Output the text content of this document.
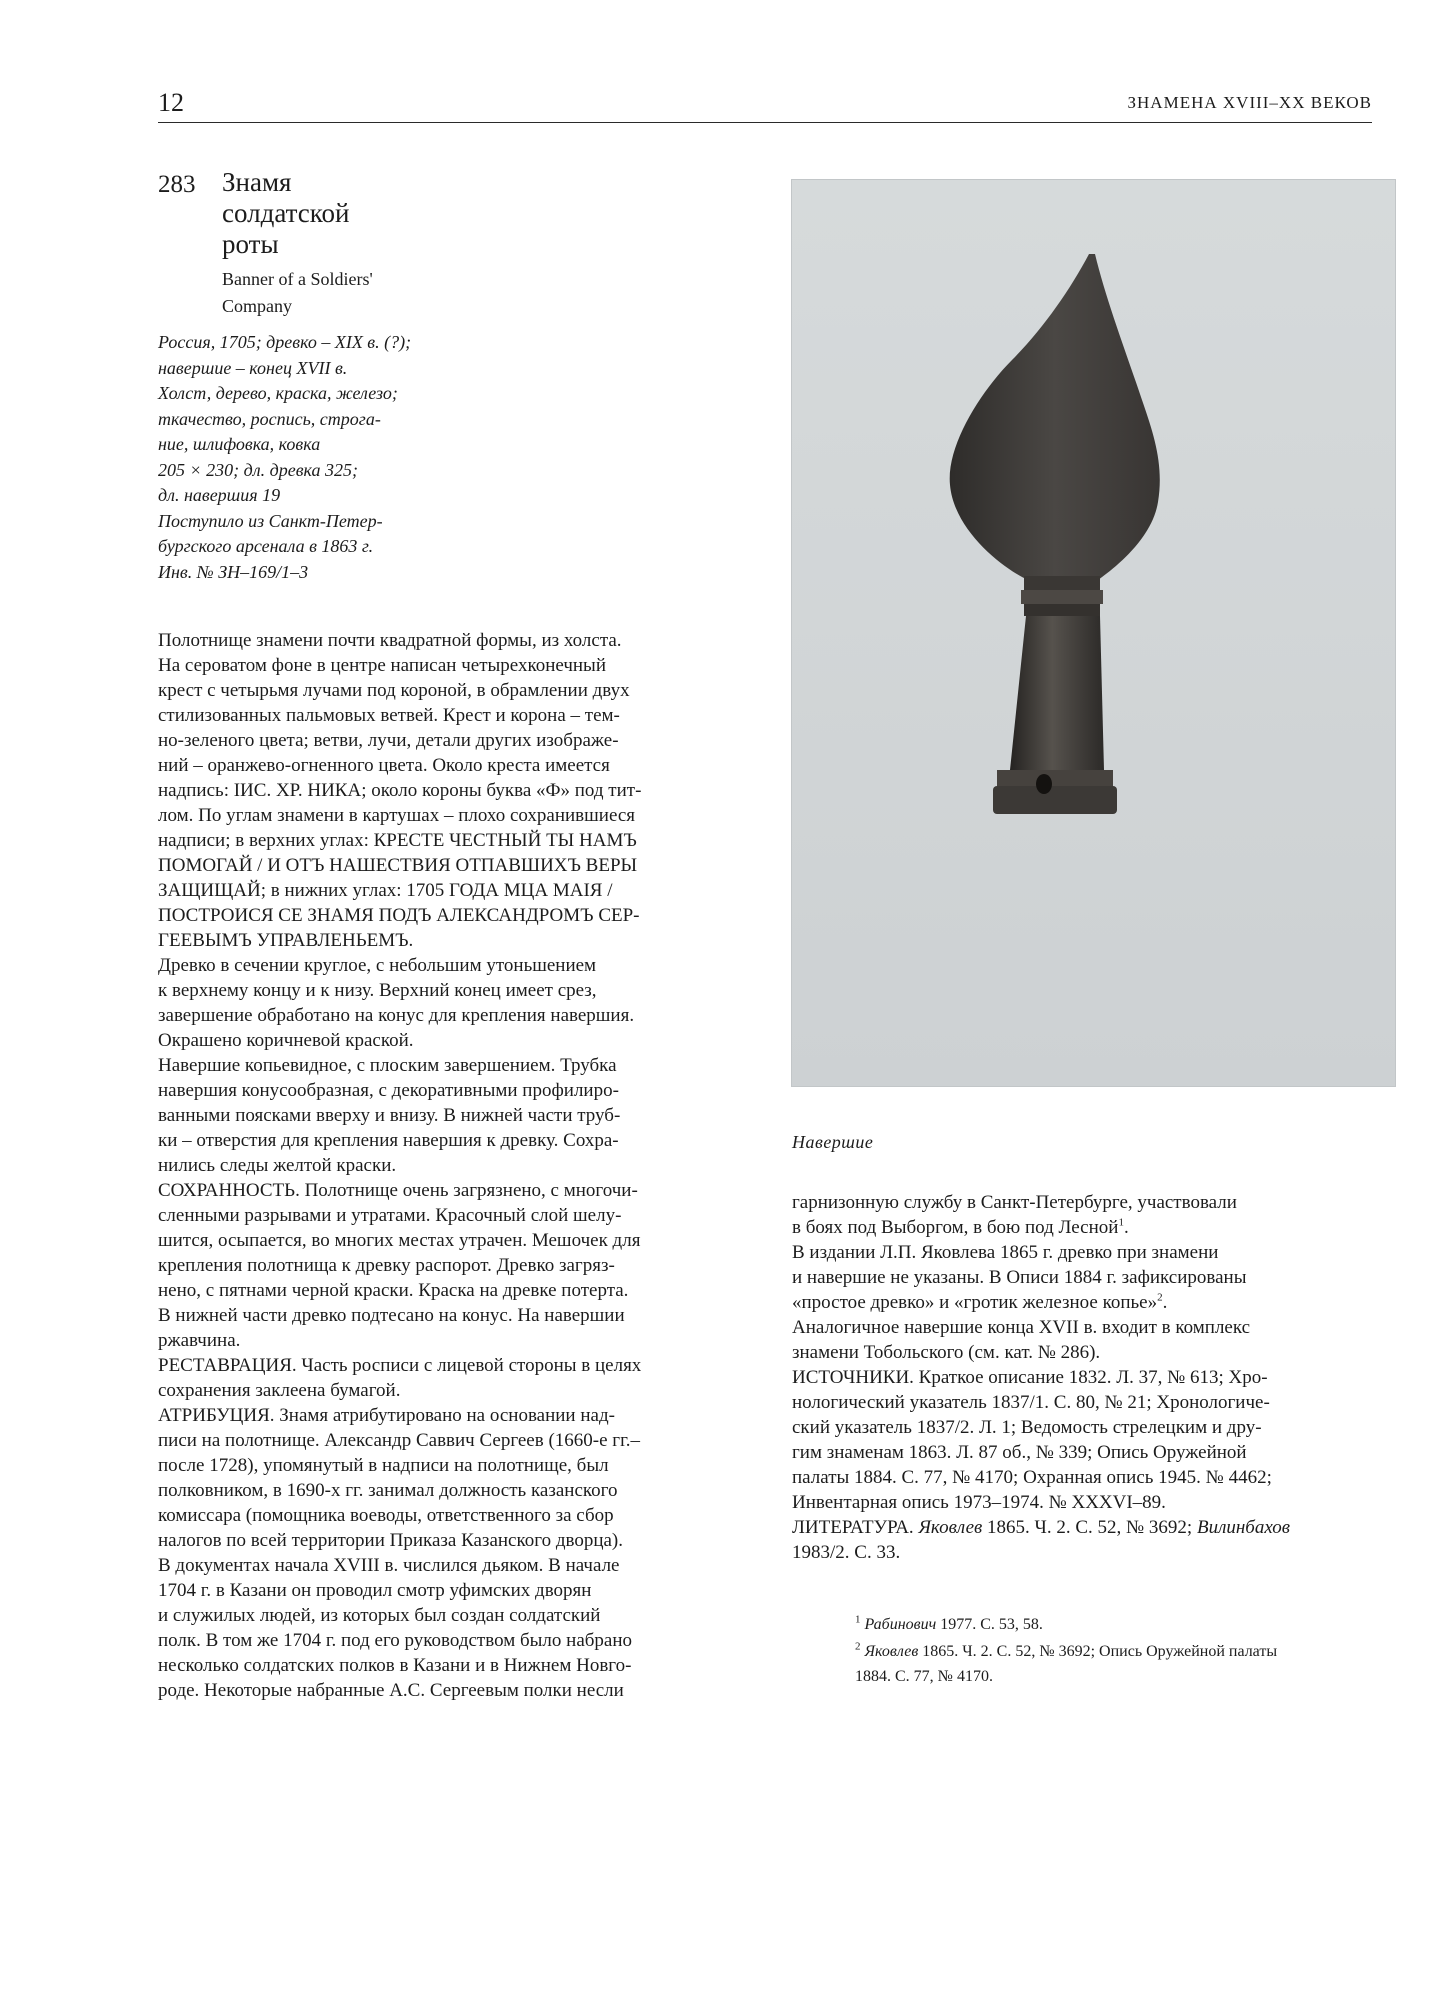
12	ЗНАМЕНА XVIII–XX ВЕКОВ
283 Знамя
солдатской
роты
Banner of a Soldiers'
Company
Россия, 1705; древко – XIX в. (?);
навершие – конец XVII в.
Холст, дерево, краска, железо;
ткачество, роспись, строга-
ние, шлифовка, ковка
205 × 230; дл. древка 325;
дл. навершия 19
Поступило из Санкт-Петер-
бургского арсенала в 1863 г.
Инв. № ЗН–169/1–3

Полотнище знамени почти квадратной формы, из холста.
На сероватом фоне в центре написан четырехконечный
крест с четырьмя лучами под короной, в обрамлении двух
стилизованных пальмовых ветвей. Крест и корона – тем-
но-зеленого цвета; ветви, лучи, детали других изображе-
ний – оранжево-огненного цвета. Около креста имеется
надпись: ІИС. ХР. НИКА; около короны буква «Ф» под тит-
лом. По углам знамени в картушах – плохо сохранившиеся
надписи; в верхних углах: КРЕСТЕ ЧЕСТНЫЙ ТЫ НАМЪ
ПОМОГАЙ / И ОТЪ НАШЕСТВИЯ ОТПАВШИХЪ ВЕРЫ
ЗАЩИЩАЙ; в нижних углах: 1705 ГОДА МЦА МАІЯ /
ПОСТРОИСЯ СЕ ЗНАМЯ ПОДЪ АЛЕКСАНДРОМЪ СЕР-
ГЕЕВЫМЪ УПРАВЛЕНЬЕМЪ.

Древко в сечении круглое, с небольшим утоньшением
к верхнему концу и к низу. Верхний конец имеет срез,
завершение обработано на конус для крепления навершия.
Окрашено коричневой краской.

Навершие копьевидное, с плоским завершением. Трубка
навершия конусообразная, с декоративными профилиро-
ванными поясками вверху и внизу. В нижней части труб-
ки – отверстия для крепления навершия к древку. Сохра-
нились следы желтой краски.

СОХРАННОСТЬ. Полотнище очень загрязнено, с многочи-
сленными разрывами и утратами. Красочный слой шелу-
шится, осыпается, во многих местах утрачен. Мешочек для
крепления полотнища к древку распорот. Древко загряз-
нено, с пятнами черной краски. Краска на древке потерта.
В нижней части древко подтесано на конус. На навершии
ржавчина.

РЕСТАВРАЦИЯ. Часть росписи с лицевой стороны в целях
сохранения заклеена бумагой.

АТРИБУЦИЯ. Знамя атрибутировано на основании над-
писи на полотнище. Александр Саввич Сергеев (1660-е гг.–
после 1728), упомянутый в надписи на полотнище, был
полковником, в 1690-х гг. занимал должность казанского
комиссара (помощника воеводы, ответственного за сбор
налогов по всей территории Приказа Казанского дворца).
В документах начала XVIII в. числился дьяком. В начале
1704 г. в Казани он проводил смотр уфимских дворян
и служилых людей, из которых был создан солдатский
полк. В том же 1704 г. под его руководством было набрано
несколько солдатских полков в Казани и в Нижнем Новго-
роде. Некоторые набранные А.С. Сергеевым полки несли

Навершие

гарнизонную службу в Санкт-Петербурге, участвовали
в боях под Выборгом, в бою под Лесной$^1$.

В издании Л.П. Яковлева 1865 г. древко при знамени
и навершие не указаны. В Описи 1884 г. зафиксированы
«простое древко» и «гротик железное копье»$^2$.

Аналогичное навершие конца XVII в. входит в комплекс
знамени Тобольского (см. кат. № 286).

ИСТОЧНИКИ. Краткое описание 1832. Л. 37, № 613; Хро-
нологический указатель 1837/1. С. 80, № 21; Хронологиче-
ский указатель 1837/2. Л. 1; Ведомость стрелецким и дру-
гим знаменам 1863. Л. 87 об., № 339; Опись Оружейной
палаты 1884. С. 77, № 4170; Охранная опись 1945. № 4462;
Инвентарная опись 1973–1974. № XXXVI–89.

ЛИТЕРАТУРА. Яковлев 1865. Ч. 2. С. 52, № 3692; Вилинбахов
1983/2. С. 33.

$^1$ Рабинович 1977. С. 53, 58.

$^2$ Яковлев 1865. Ч. 2. С. 52, № 3692; Опись Оружейной палаты
1884. С. 77, № 4170.
